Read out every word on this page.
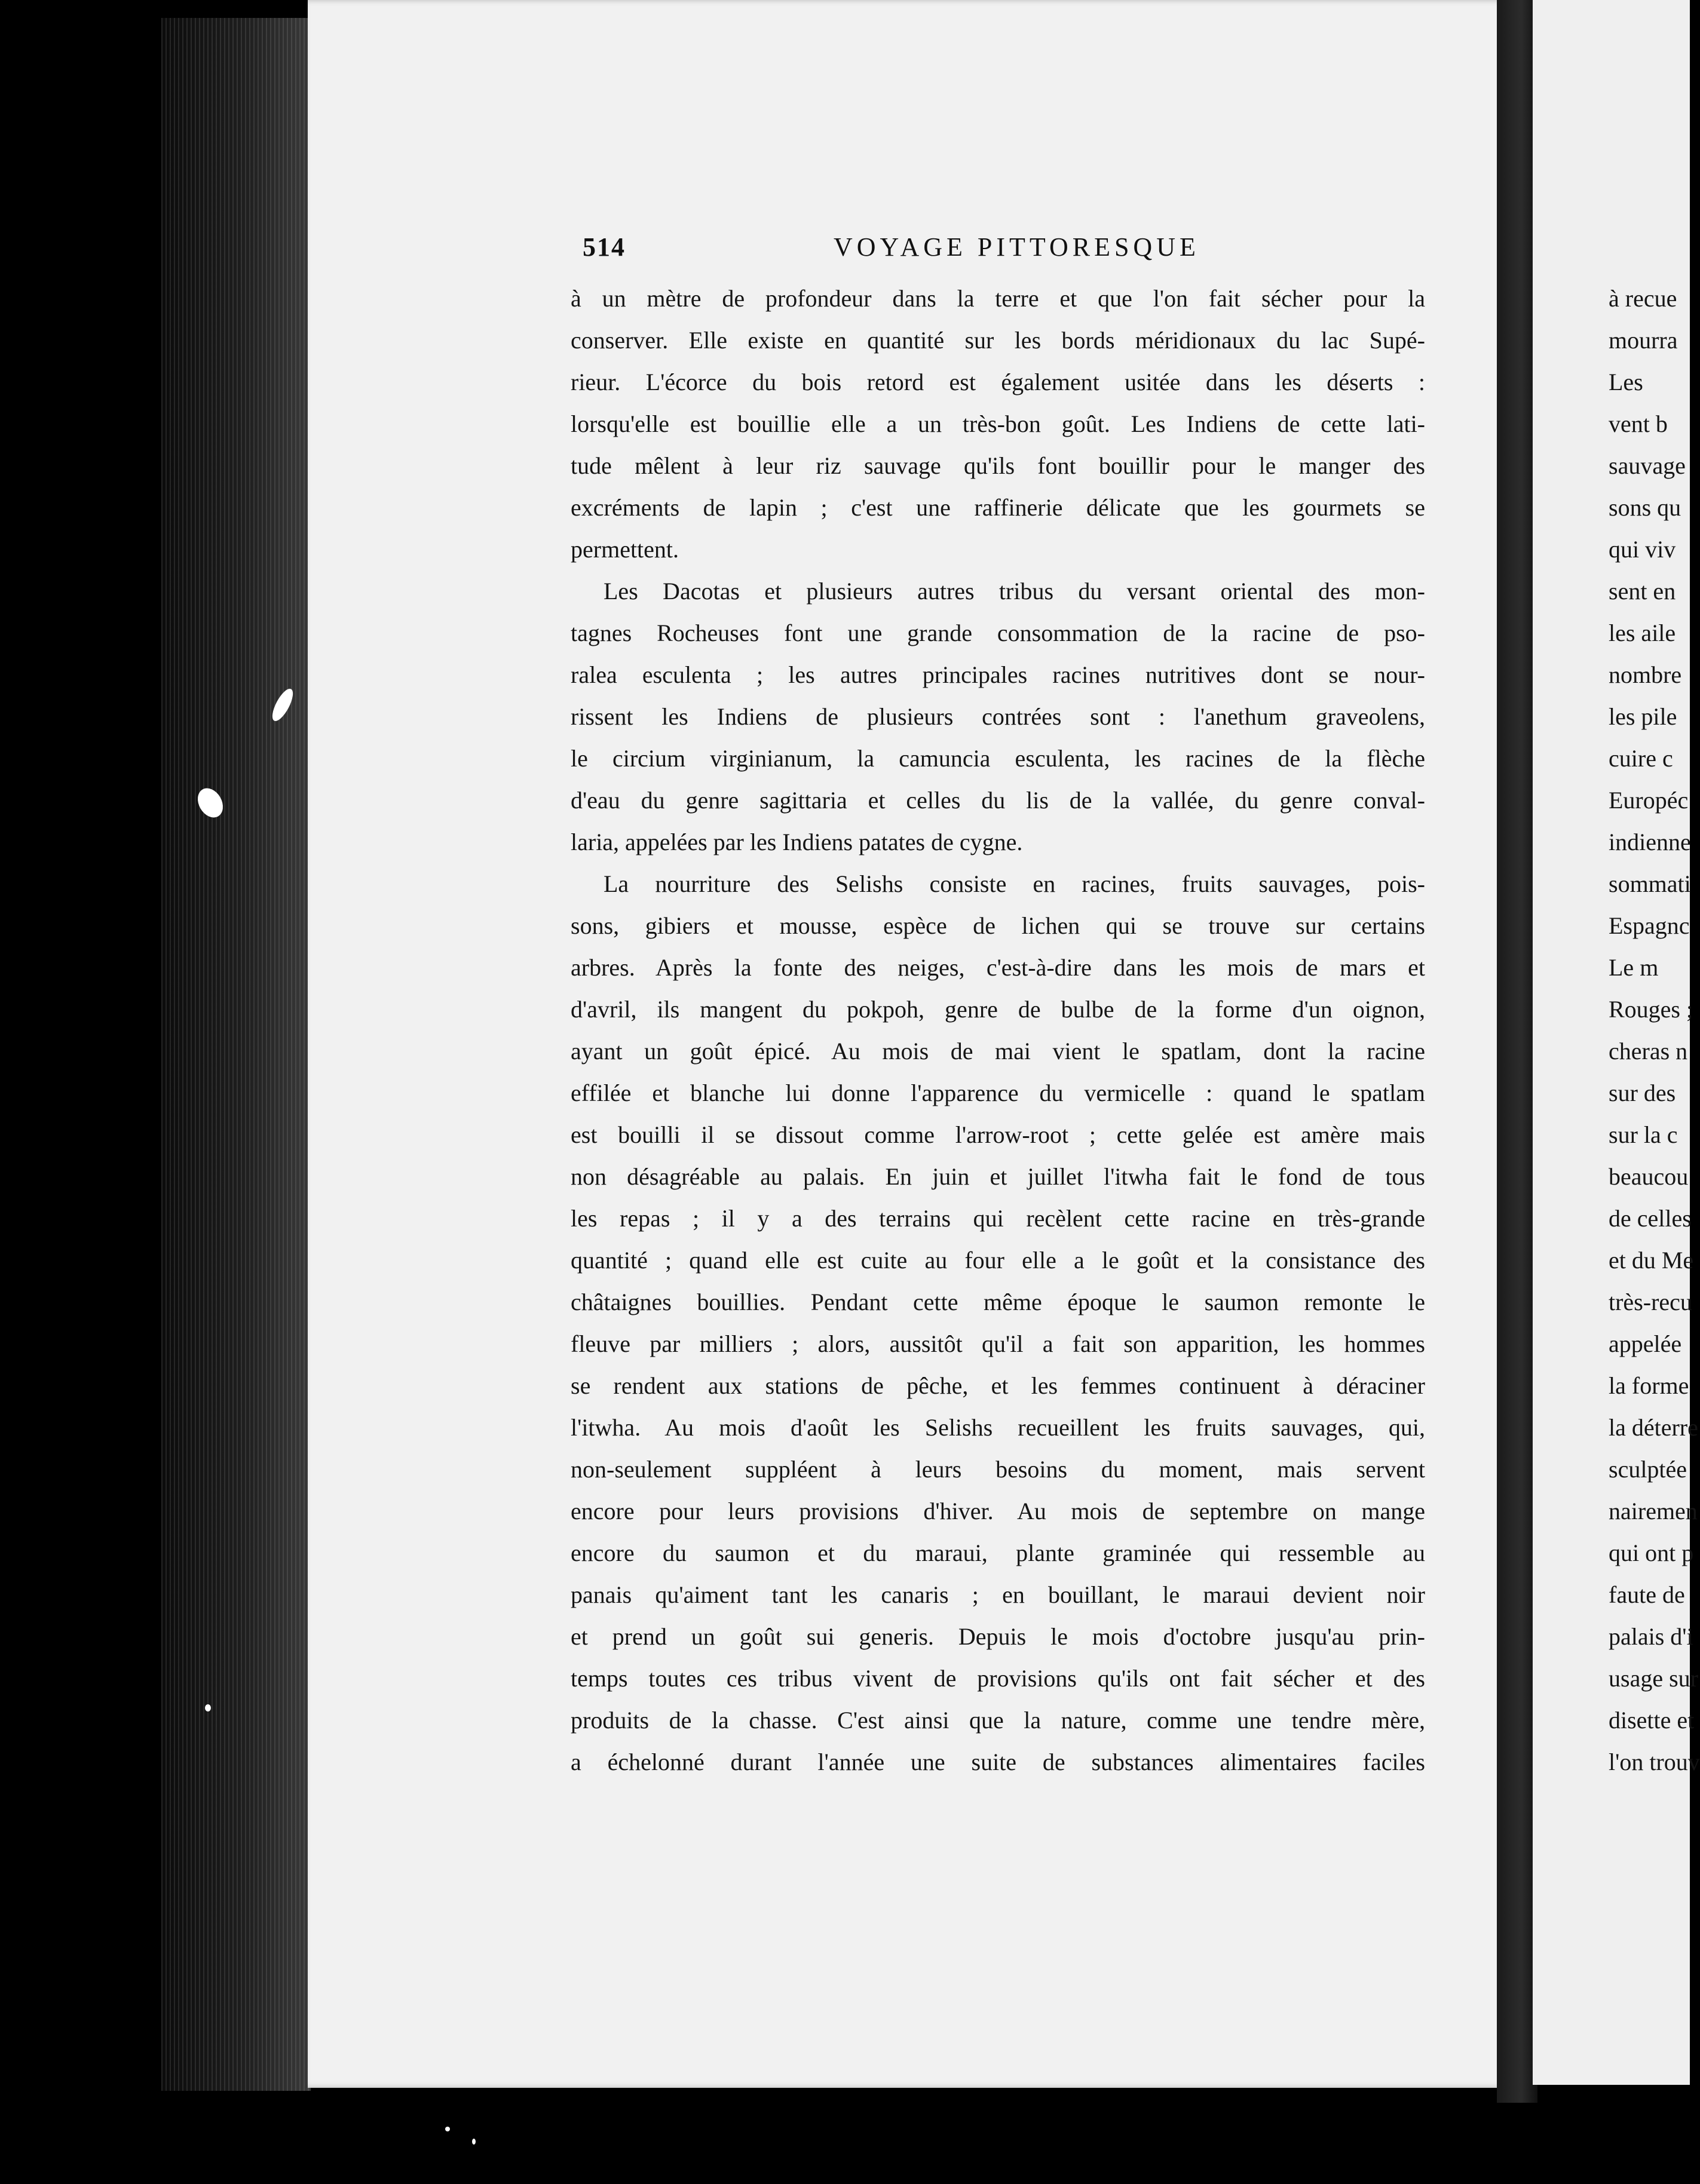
514	VOYAGE PITTORESQUE
à un mètre de profondeur dans la terre et que l'on fait sécher pour la
conserver. Elle existe en quantité sur les bords méridionaux du lac Supé-
rieur. L'écorce du bois retord est également usitée dans les déserts :
lorsqu'elle est bouillie elle a un très-bon goût. Les Indiens de cette lati-
tude mêlent à leur riz sauvage qu'ils font bouillir pour le manger des
excréments de lapin ; c'est une raffinerie délicate que les gourmets se
permettent.
Les Dacotas et plusieurs autres tribus du versant oriental des mon-
tagnes Rocheuses font une grande consommation de la racine de pso-
ralea esculenta ; les autres principales racines nutritives dont se nour-
rissent les Indiens de plusieurs contrées sont : l'anethum graveolens,
le circium virginianum, la camuncia esculenta, les racines de la flèche
d'eau du genre sagittaria et celles du lis de la vallée, du genre conval-
laria, appelées par les Indiens patates de cygne.
La nourriture des Selishs consiste en racines, fruits sauvages, pois-
sons, gibiers et mousse, espèce de lichen qui se trouve sur certains
arbres. Après la fonte des neiges, c'est-à-dire dans les mois de mars et
d'avril, ils mangent du pokpoh, genre de bulbe de la forme d'un oignon,
ayant un goût épicé. Au mois de mai vient le spatlam, dont la racine
effilée et blanche lui donne l'apparence du vermicelle : quand le spatlam
est bouilli il se dissout comme l'arrow-root ; cette gelée est amère mais
non désagréable au palais. En juin et juillet l'itwha fait le fond de tous
les repas ; il y a des terrains qui recèlent cette racine en très-grande
quantité ; quand elle est cuite au four elle a le goût et la consistance des
châtaignes bouillies. Pendant cette même époque le saumon remonte le
fleuve par milliers ; alors, aussitôt qu'il a fait son apparition, les hommes
se rendent aux stations de pêche, et les femmes continuent à déraciner
l'itwha. Au mois d'août les Selishs recueillent les fruits sauvages, qui,
non-seulement suppléent à leurs besoins du moment, mais servent
encore pour leurs provisions d'hiver. Au mois de septembre on mange
encore du saumon et du maraui, plante graminée qui ressemble au
panais qu'aiment tant les canaris ; en bouillant, le maraui devient noir
et prend un goût sui generis. Depuis le mois d'octobre jusqu'au prin-
temps toutes ces tribus vivent de provisions qu'ils ont fait sécher et des
produits de la chasse. C'est ainsi que la nature, comme une tendre mère,
a échelonné durant l'année une suite de substances alimentaires faciles
à recue
mourra
Les
vent b
sauvage
sons qu
qui viv
sent en
les aile
nombre
les pile
cuire c
Européc
indienne
sommati
Espagnc
Le m
Rouges ;
cheras n
sur des
sur la c
beaucou
de celles
et du Me
très-recu
appelée
la forme
la déterre
sculptée
nairemen
qui ont p
faute de
palais d'i
usage sur
disette et
l'on trouv
